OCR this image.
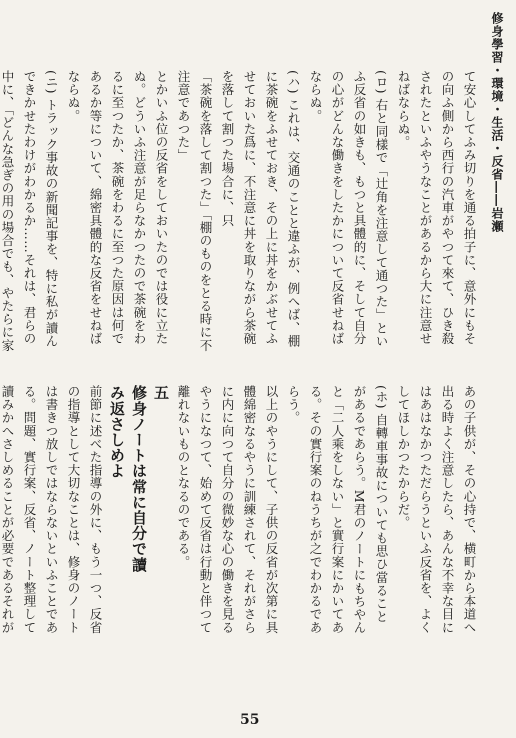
修身學習・環境・生活・反省――岩瀬

て安心してふみ切りを通る拍子に、意外にもその向ふ側から西行の汽車がやつて來て、ひき殺されたといふやうなことがあるから大に注意せねばならぬ。

(ロ) 右と同樣で「辻角を注意して通つた」といふ反省の如きも、もつと具體的に、そして自分の心がどんな働きをしたかについて反省せねばならぬ。

(ハ) これは、交通のことと違ふが、例へば、棚に茶碗をふせておき、その上に丼をかぶせてふせておいた爲に、不注意に丼を取りながら茶碗を落して割つた場合に、只

「茶碗を落して割つた」「棚のものをとる時に不注意であつた」

とかいふ位の反省をしておいたのでは役に立たぬ。どういふ注意が足らなかつたので茶碗をわるに至つたか、茶碗をわるに至つた原因は何であるか等について、綿密具體的な反省をせねばならぬ。

(ニ) トラック事故の新聞記事を、特に私が讀んできかせたわけがわかるか……それは、君らの中に、「どんな急ぎの用の場合でも、やたらに家

あの子供が、その心持で、横町から本道へ出る時よく注意したら、あんな不幸な目にはあはなかつただらうといふ反省を、よくしてほしかつたからだ。

(ホ) 自轉車事故についても思ひ當ることがあるであらう。M君のノートにもちやんと「二人乘をしない」と實行案にかいてある。その實行案のねうちが之でわかるであらう。

以上のやうにして、子供の反省が次第に具體綿密なるやうに訓練されて、それがさらに内に向つて自分の微妙な心の働きを見るやうになつて、始めて反省は行動と伴つて離れないものとなるのである。

五

修身ノートは常に自分で讀

み返さしめよ

前節に述べた指導の外に、もう一つ、反省の指導として大切なことは、修身のノートは書きつ放しではならないといふことである。問題、實行案、反省、ノート整理して讀みかへさしめることが必要であるそれが

55
